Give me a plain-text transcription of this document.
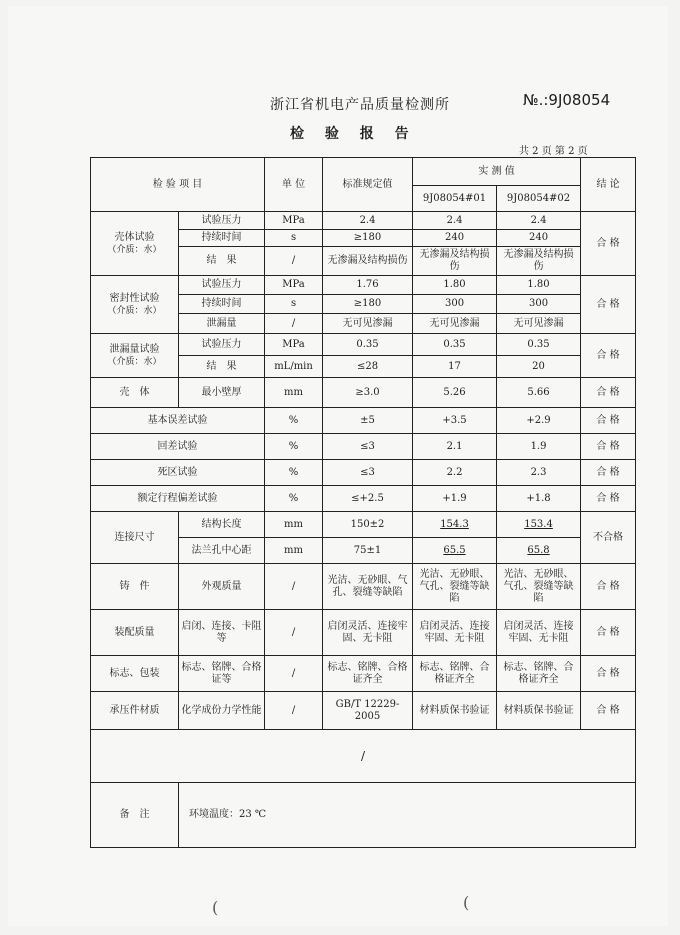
浙江省机电产品质量检测所	№.:9J08054
检 验 报 告
共 2 页 第 2 页
检 验 项 目		单 位	标准规定值	实 测 值		结 论
				9J08054#01	9J08054#02	

壳体试验
（介质：水）	试验压力	MPa	2.4	2.4	2.4	合 格
	持续时间	s	≥180	240	240	
	结　果	/	无渗漏及结构损伤	无渗漏及结构损伤	无渗漏及结构损伤	

密封性试验
（介质：水）	试验压力	MPa	1.76	1.80	1.80	合 格
	持续时间	s	≥180	300	300	
	泄漏量	/	无可见渗漏	无可见渗漏	无可见渗漏	

泄漏量试验
（介质：水）	试验压力	MPa	0.35	0.35	0.35	合 格
	结　果	mL/min	≤28	17	20	
壳　体	最小壁厚	mm	≥3.0	5.26	5.66	合 格
基本误差试验		%	±5	+3.5	+2.9	合 格
回差试验		%	≤3	2.1	1.9	合 格
死区试验		%	≤3	2.2	2.3	合 格
额定行程偏差试验		%	≤+2.5	+1.9	+1.8	合 格
连接尺寸	结构长度	mm	150±2	154.3	153.4	不合格
	法兰孔中心距	mm	75±1	65.5	65.8	
铸　件	外观质量	/	光洁、无砂眼、气孔、裂缝等缺陷	光洁、无砂眼、气孔、裂缝等缺陷	光洁、无砂眼、气孔、裂缝等缺陷	合 格
装配质量	启闭、连接、卡阻等	/	启闭灵活、连接牢固、无卡阻	启闭灵活、连接牢固、无卡阻	启闭灵活、连接牢固、无卡阻	合 格
标志、包装	标志、铭牌、合格证等	/	标志、铭牌、合格证齐全	标志、铭牌、合格证齐全	标志、铭牌、合格证齐全	合 格
承压件材质	化学成份力学性能	/	GB/T 12229-2005	材料质保书验证	材料质保书验证	合 格
/						
备　注	环境温度：23 ℃					
(	(
